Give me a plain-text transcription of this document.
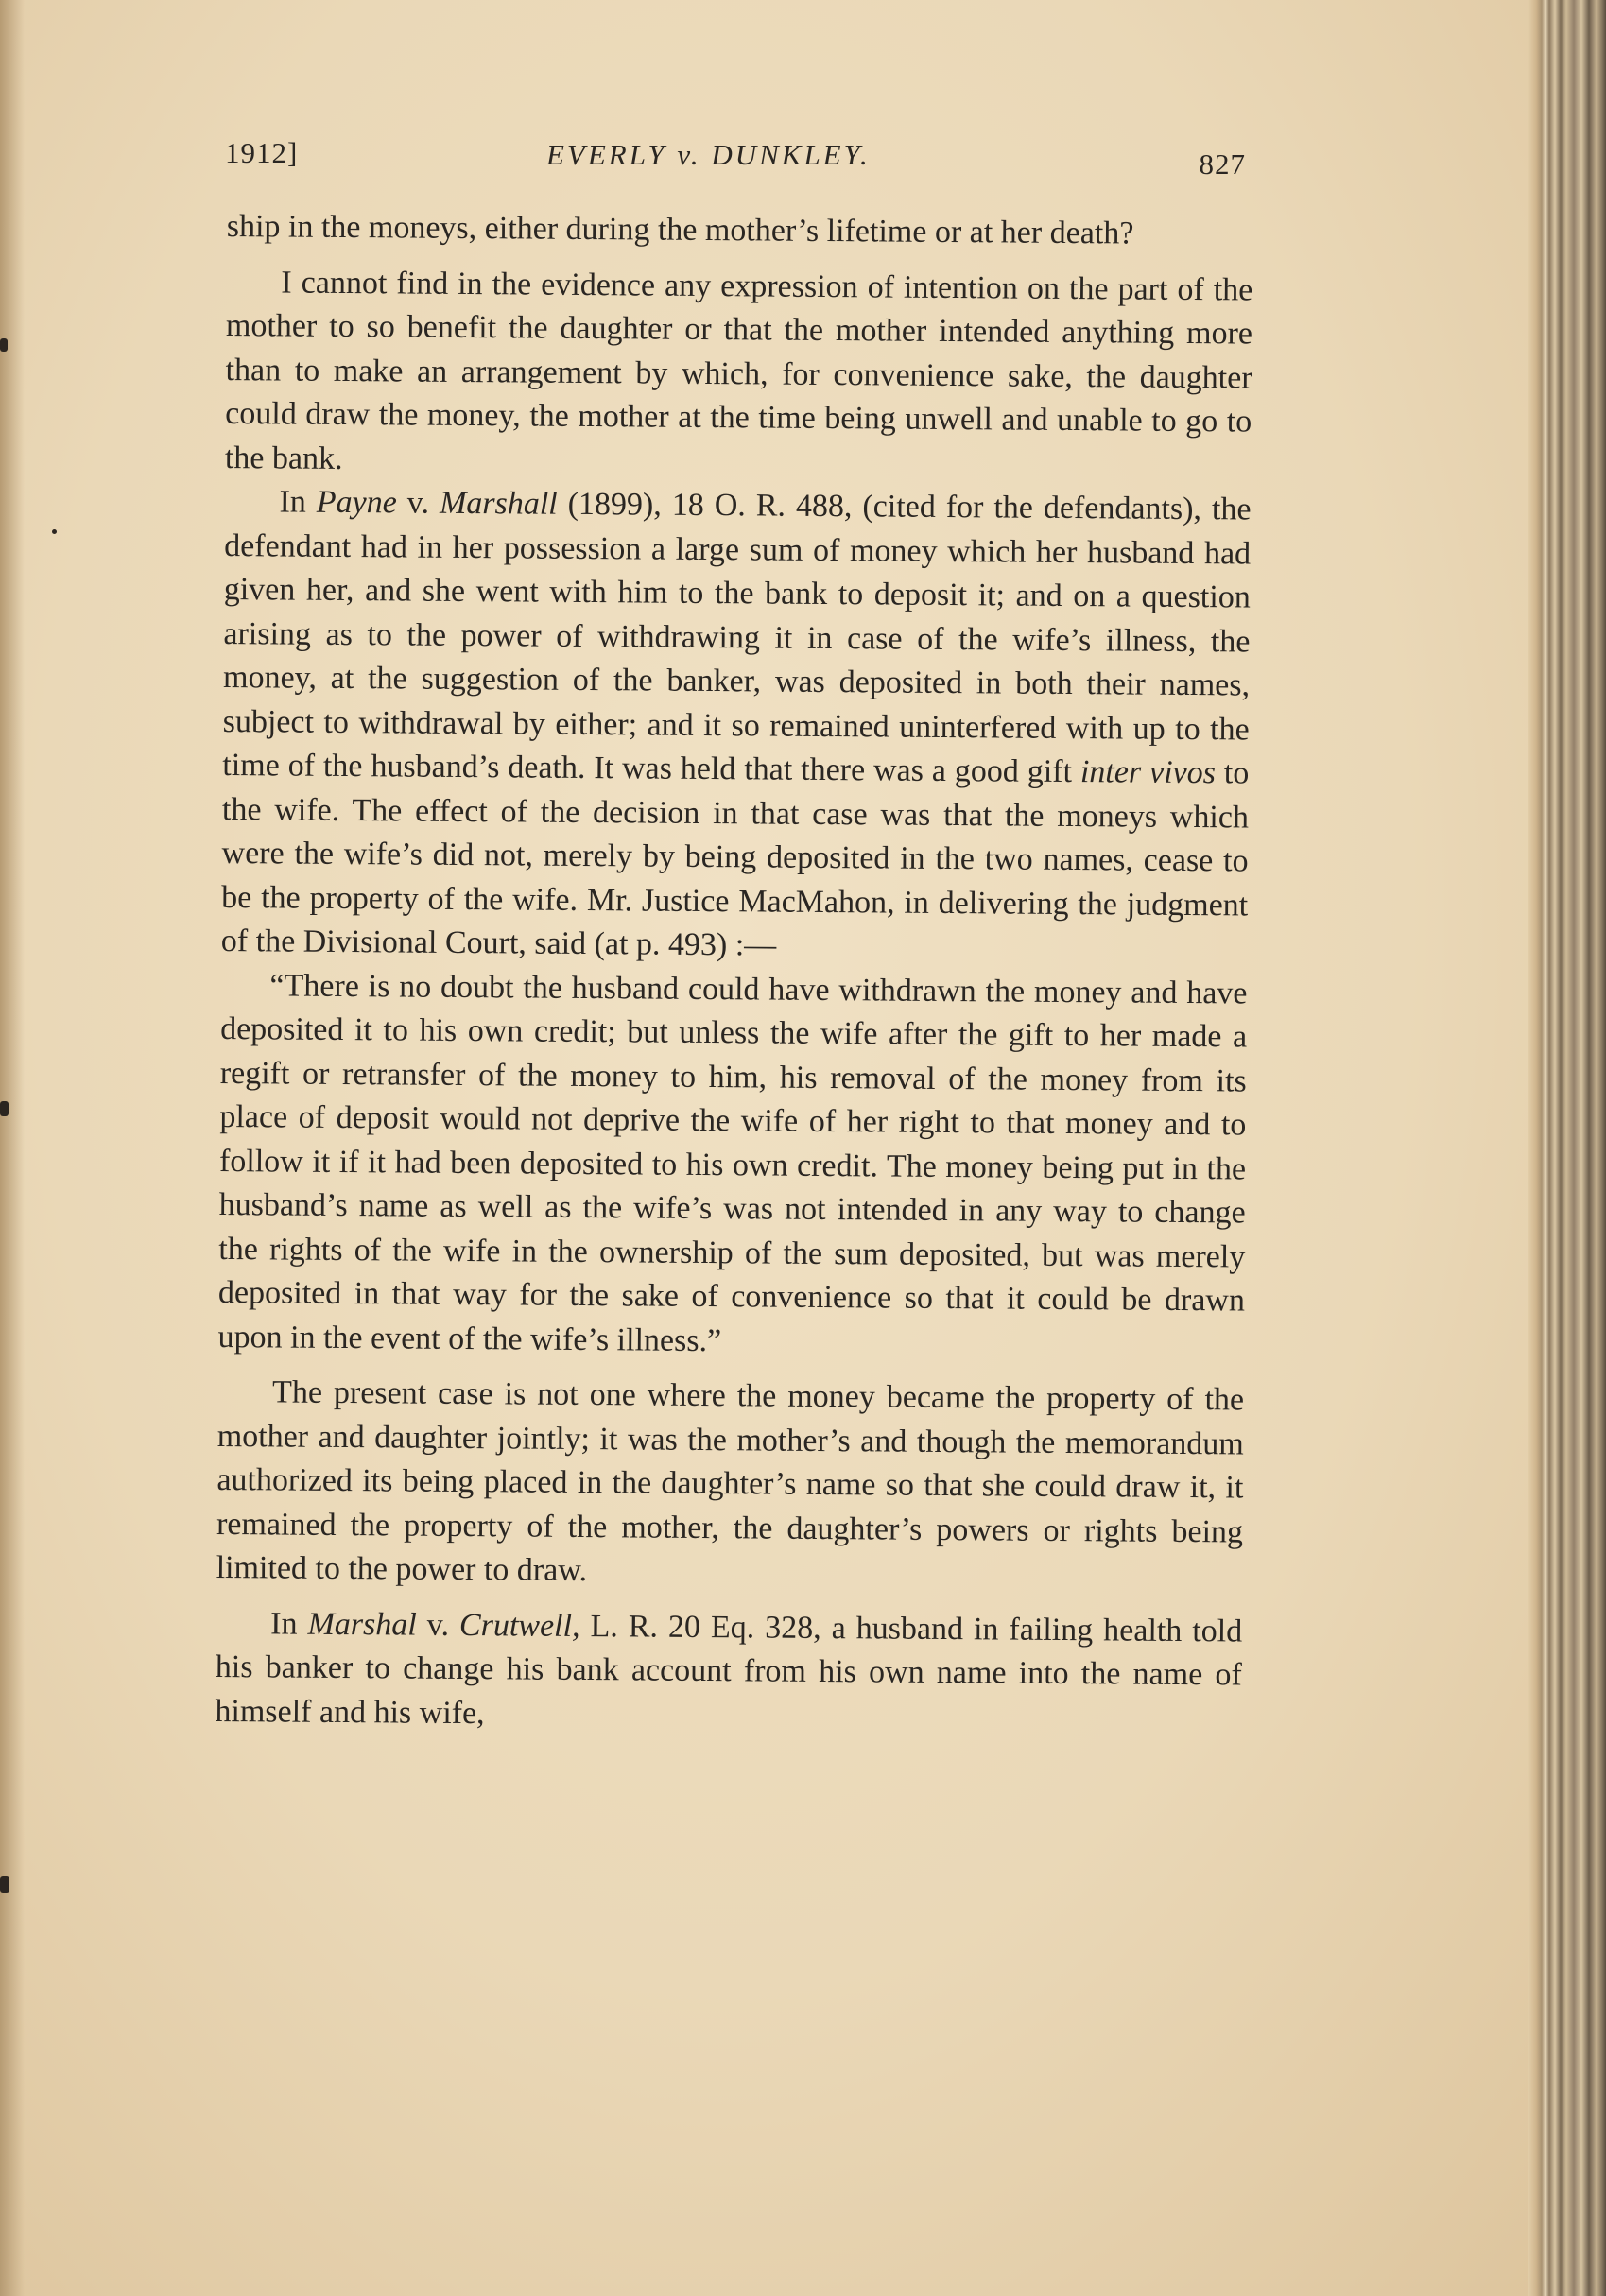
1912]	EVERLY v. DUNKLEY.	827

ship in the moneys, either during the mother’s lifetime or at her death?

I cannot find in the evidence any expression of intention on the part of the mother to so benefit the daughter or that the mother intended anything more than to make an arrangement by which, for convenience sake, the daughter could draw the money, the mother at the time being unwell and unable to go to the bank.

In Payne v. Marshall (1899), 18 O. R. 488, (cited for the defendants), the defendant had in her possession a large sum of money which her husband had given her, and she went with him to the bank to deposit it; and on a question arising as to the power of withdrawing it in case of the wife’s illness, the money, at the suggestion of the banker, was deposited in both their names, subject to withdrawal by either; and it so remained uninterfered with up to the time of the husband’s death. It was held that there was a good gift inter vivos to the wife. The effect of the decision in that case was that the moneys which were the wife’s did not, merely by being deposited in the two names, cease to be the property of the wife. Mr. Justice MacMahon, in delivering the judgment of the Divisional Court, said (at p. 493) :—

“There is no doubt the husband could have withdrawn the money and have deposited it to his own credit; but unless the wife after the gift to her made a regift or retransfer of the money to him, his removal of the money from its place of deposit would not deprive the wife of her right to that money and to follow it if it had been deposited to his own credit. The money being put in the husband’s name as well as the wife’s was not intended in any way to change the rights of the wife in the ownership of the sum deposited, but was merely deposited in that way for the sake of convenience so that it could be drawn upon in the event of the wife’s illness.”

The present case is not one where the money became the property of the mother and daughter jointly; it was the mother’s and though the memorandum authorized its being placed in the daughter’s name so that she could draw it, it remained the property of the mother, the daughter’s powers or rights being limited to the power to draw.

In Marshal v. Crutwell, L. R. 20 Eq. 328, a husband in failing health told his banker to change his bank account from his own name into the name of himself and his wife,
